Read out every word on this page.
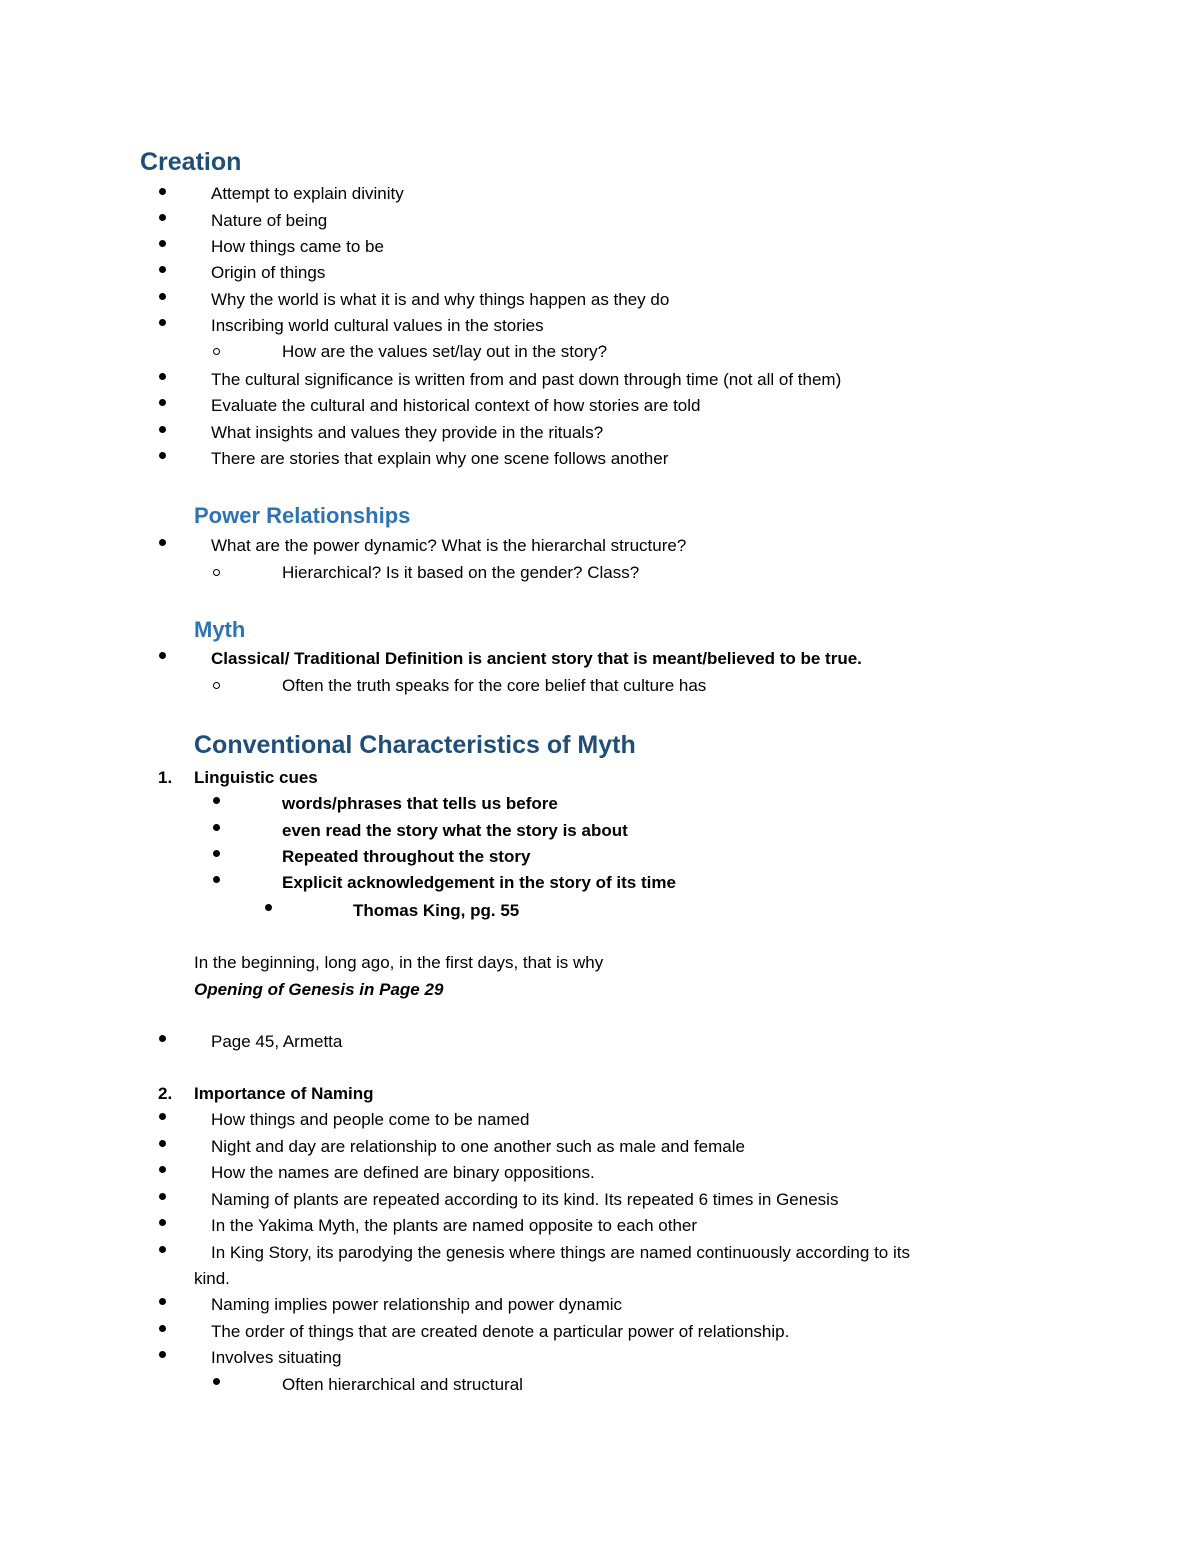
Creation
Attempt to explain divinity
Nature of being
How things came to be
Origin of things
Why the world is what it is and why things happen as they do
Inscribing world cultural values in the stories
How are the values set/lay out in the story?
The cultural significance is written from and past down through time (not all of them)
Evaluate the cultural and historical context of how stories are told
What insights and values they provide in the rituals?
There are stories that explain why one scene follows another
Power Relationships
What are the power dynamic? What is the hierarchal structure?
Hierarchical? Is it based on the gender? Class?
Myth
Classical/ Traditional Definition is ancient story that is meant/believed to be true.
Often the truth speaks for the core belief that culture has
Conventional Characteristics of Myth
1. Linguistic cues
words/phrases that tells us before
even read the story what the story is about
Repeated throughout the story
Explicit acknowledgement in the story of its time
Thomas King, pg. 55
In the beginning, long ago, in the first days, that is why
Opening of Genesis in Page 29
Page 45, Armetta
2. Importance of Naming
How things and people come to be named
Night and day are relationship to one another such as male and female
How the names are defined are binary oppositions.
Naming of plants are repeated according to its kind. Its repeated 6 times in Genesis
In the Yakima Myth, the plants are named opposite to each other
In King Story, its parodying the genesis where things are named continuously according to its
kind.
Naming implies power relationship and power dynamic
The order of things that are created denote a particular power of relationship.
Involves situating
Often hierarchical and structural
